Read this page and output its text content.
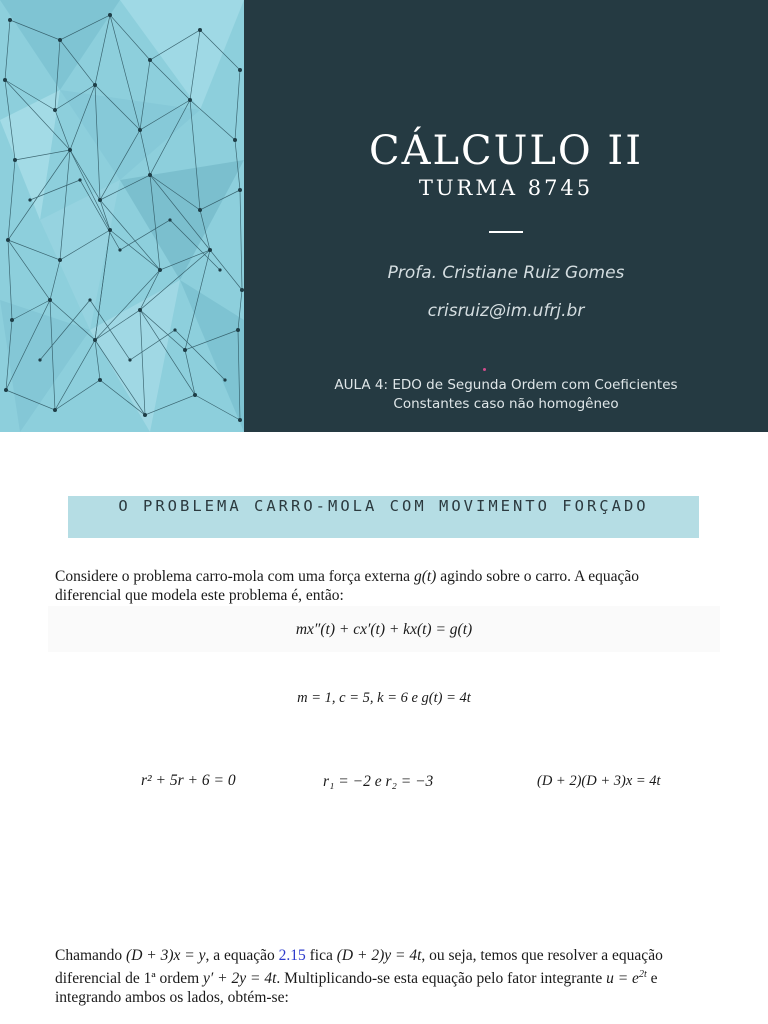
CÁLCULO II
TURMA 8745
Profa. Cristiane Ruiz Gomes
crisruiz@im.ufrj.br
AULA 4: EDO de Segunda Ordem com Coeficientes
Constantes caso não homogêneo
O PROBLEMA CARRO-MOLA COM MOVIMENTO FORÇADO
Considere o problema carro-mola com uma força externa g(t) agindo sobre o carro. A equação
diferencial que modela este problema é, então:
mx″(t) + cx′(t) + kx(t) = g(t)
m = 1, c = 5, k = 6 e g(t) = 4t
r² + 5r + 6 = 0	r₁ = −2 e r₂ = −3	(D + 2)(D + 3)x = 4t
Chamando (D + 3)x = y, a equação 2.15 fica (D + 2)y = 4t, ou seja, temos que resolver a equação
diferencial de 1ª ordem y′ + 2y = 4t. Multiplicando-se esta equação pelo fator integrante $u = e^{2t}$ e
integrando ambos os lados, obtém-se:
